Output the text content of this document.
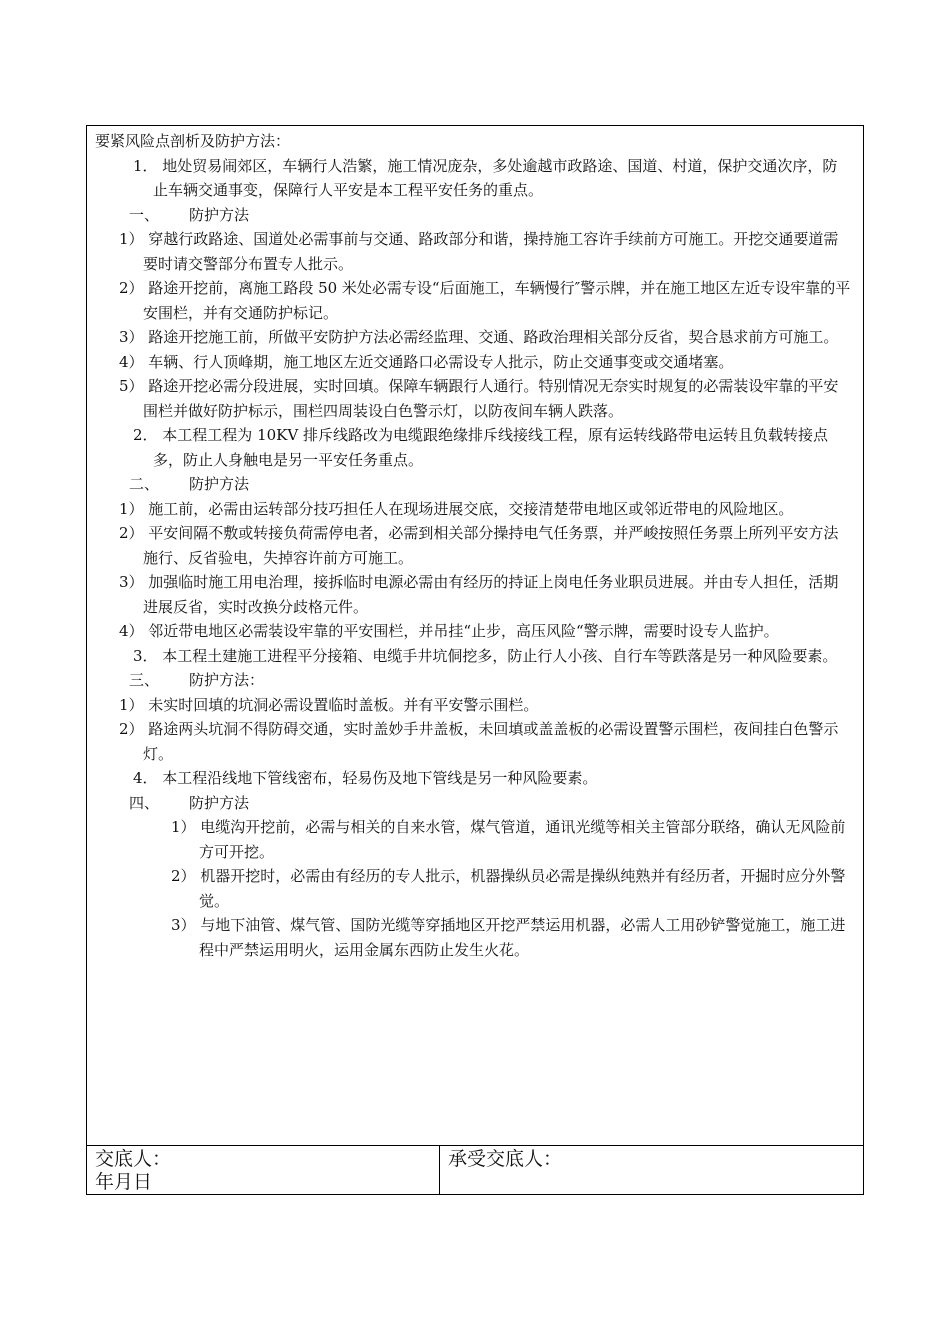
要紧风险点剖析及防护方法：
1． 地处贸易闹郊区，车辆行人浩繁，施工情况庞杂，多处逾越市政路途、国道、村道，保护交通次序，防止车辆交通事变，保障行人平安是本工程平安任务的重点。
一、 防护方法
1） 穿越行政路途、国道处必需事前与交通、路政部分和谐，操持施工容许手续前方可施工。开挖交通要道需要时请交警部分布置专人批示。
2） 路途开挖前，离施工路段 50 米处必需专设“后面施工，车辆慢行″警示牌，并在施工地区左近专设牢靠的平安围栏，并有交通防护标记。
3） 路途开挖施工前，所做平安防护方法必需经监理、交通、路政治理相关部分反省，契合恳求前方可施工。
4） 车辆、行人顶峰期，施工地区左近交通路口必需设专人批示，防止交通事变或交通堵塞。
5） 路途开挖必需分段进展，实时回填。保障车辆跟行人通行。特别情况无奈实时规复的必需装设牢靠的平安围栏并做好防护标示，围栏四周装设白色警示灯，以防夜间车辆人跌落。
2． 本工程工程为 10KV 排斥线路改为电缆跟绝缘排斥线接线工程，原有运转线路带电运转且负载转接点多，防止人身触电是另一平安任务重点。
二、 防护方法
1） 施工前，必需由运转部分技巧担任人在现场进展交底，交接清楚带电地区或邻近带电的风险地区。
2） 平安间隔不敷或转接负荷需停电者，必需到相关部分操持电气任务票，并严峻按照任务票上所列平安方法施行、反省验电，失掉容许前方可施工。
3） 加强临时施工用电治理，接拆临时电源必需由有经历的持证上岗电任务业职员进展。并由专人担任，活期进展反省，实时改换分歧格元件。
4） 邻近带电地区必需装设牢靠的平安围栏，并吊挂“止步，高压风险“警示牌，需要时设专人监护。
3． 本工程土建施工进程平分接箱、电缆手井坑侗挖多，防止行人小孩、自行车等跌落是另一种风险要素。
三、 防护方法：
1） 未实时回填的坑洞必需设置临时盖板。并有平安警示围栏。
2） 路途两头坑洞不得防碍交通，实时盖妙手井盖板，未回填或盖盖板的必需设置警示围栏，夜间挂白色警示灯。
4． 本工程沿线地下管线密布，轻易伤及地下管线是另一种风险要素。
四、 防护方法
1） 电缆沟开挖前，必需与相关的自来水管，煤气管道，通讯光缆等相关主管部分联络，确认无风险前方可开挖。
2） 机器开挖时，必需由有经历的专人批示，机器操纵员必需是操纵纯熟并有经历者，开掘时应分外警觉。
3） 与地下油管、煤气管、国防光缆等穿插地区开挖严禁运用机器，必需人工用砂铲警觉施工，施工进程中严禁运用明火，运用金属东西防止发生火花。
交底人：
年月日
承受交底人：
